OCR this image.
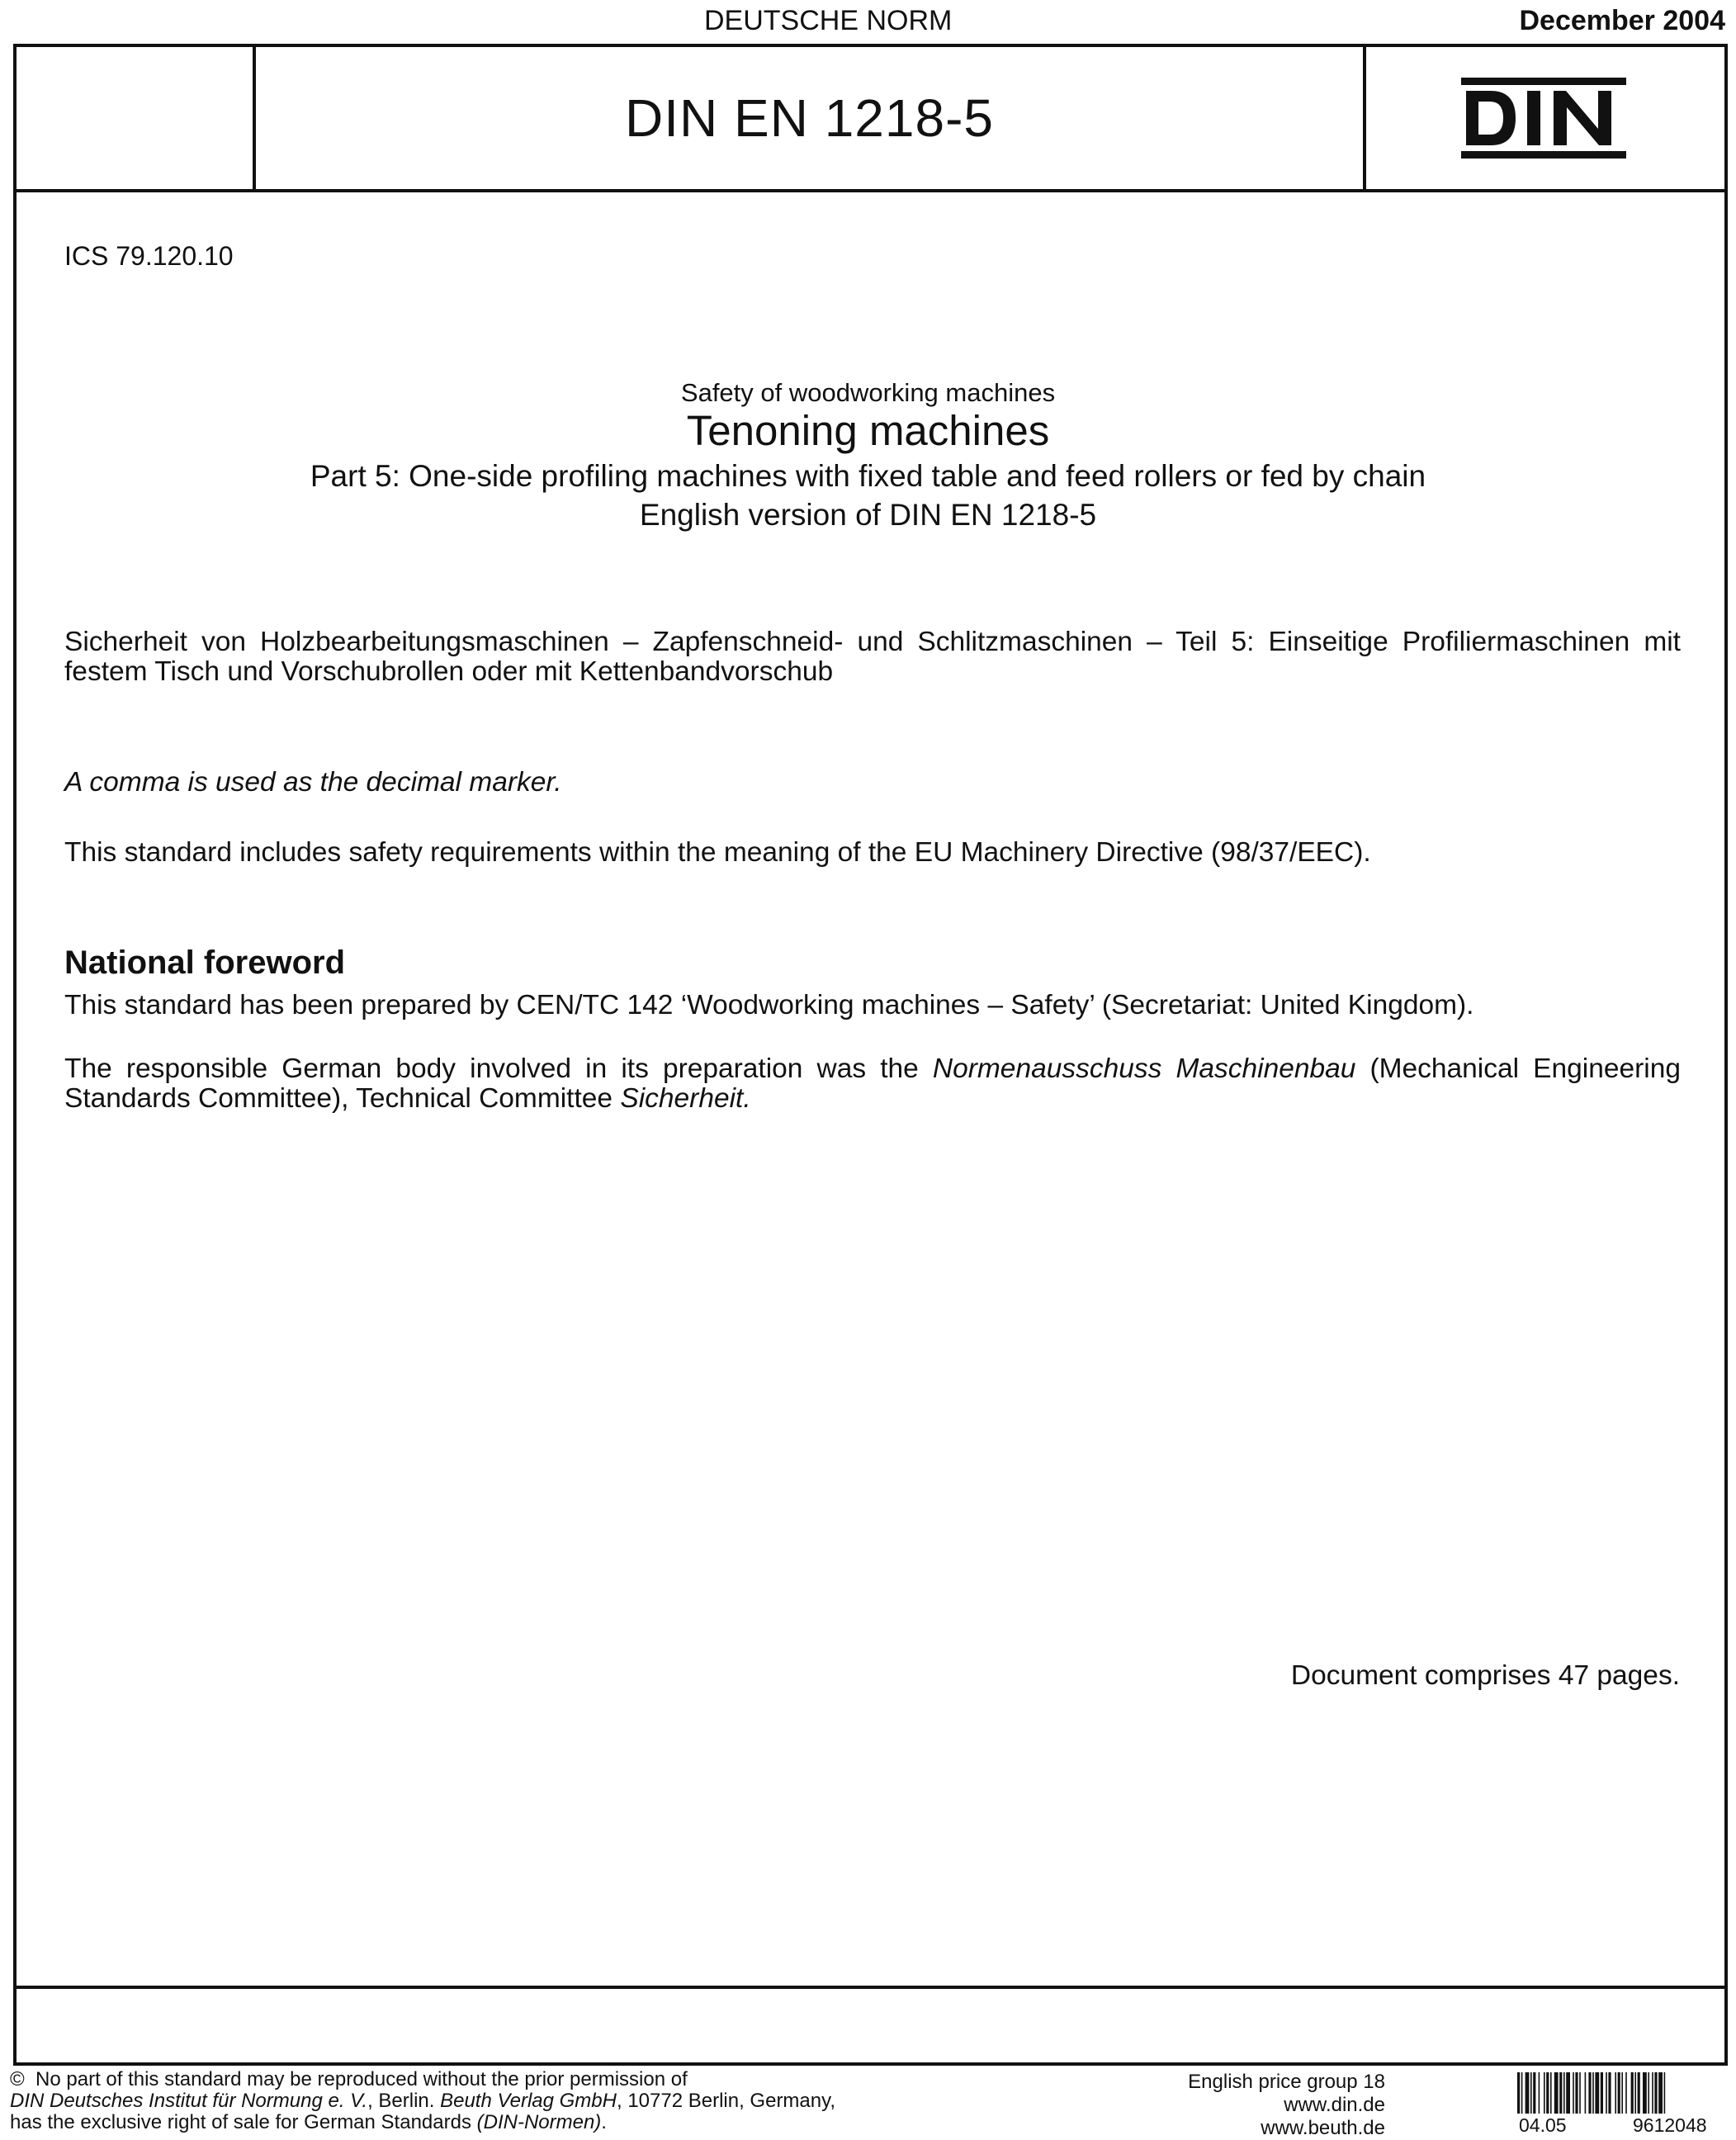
DEUTSCHE NORM	December 2004
DIN EN 1218-5
ICS 79.120.10
Safety of woodworking machines
Tenoning machines
Part 5: One-side profiling machines with fixed table and feed rollers or fed by chain
English version of DIN EN 1218-5
Sicherheit von Holzbearbeitungsmaschinen – Zapfenschneid- und Schlitzmaschinen – Teil 5: Einseitige Profiliermaschinen mit festem Tisch und Vorschubrollen oder mit Kettenbandvorschub
A comma is used as the decimal marker.
This standard includes safety requirements within the meaning of the EU Machinery Directive (98/37/EEC).
National foreword
This standard has been prepared by CEN/TC 142 ‘Woodworking machines – Safety’ (Secretariat: United Kingdom).
The responsible German body involved in its preparation was the Normenausschuss Maschinenbau (Mechanical Engineering Standards Committee), Technical Committee Sicherheit.
Document comprises 47 pages.
© No part of this standard may be reproduced without the prior permission of
DIN Deutsches Institut für Normung e. V., Berlin. Beuth Verlag GmbH, 10772 Berlin, Germany,
has the exclusive right of sale for German Standards (DIN-Normen).
English price group 18
www.din.de
www.beuth.de	04.05	9612048
